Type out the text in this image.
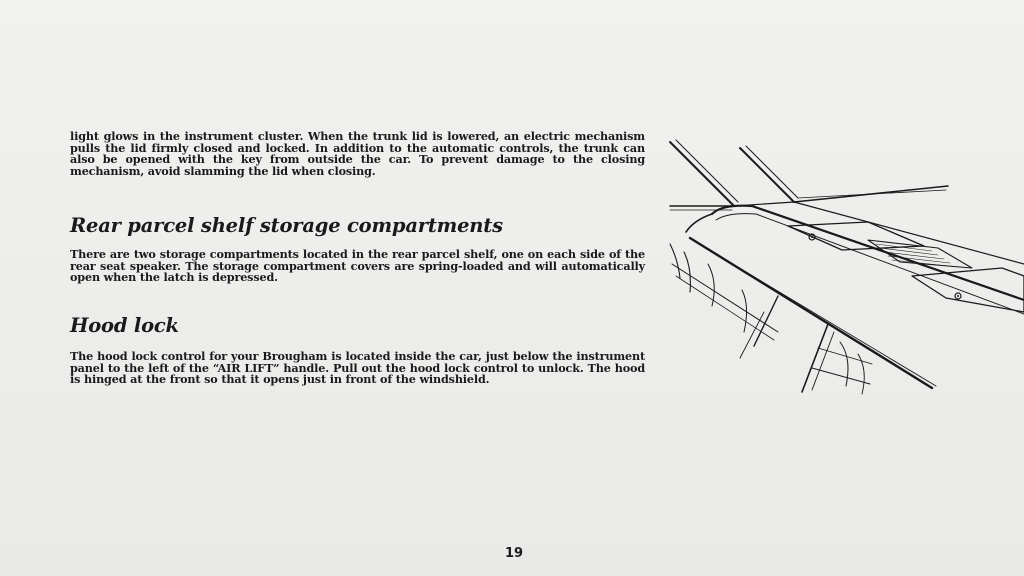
light glows in the instrument cluster. When the trunk lid is lowered, an electric mechanism pulls the lid firmly closed and locked. In addition to the automatic controls, the trunk can also be opened with the key from outside the car. To prevent damage to the closing mechanism, avoid slamming the lid when closing.

Rear parcel shelf storage compartments

There are two storage compartments located in the rear parcel shelf, one on each side of the rear seat speaker. The storage compartment covers are spring-loaded and will automatically open when the latch is depressed.

Hood lock

The hood lock control for your Brougham is located inside the car, just below the instrument panel to the left of the “AIR LIFT” handle. Pull out the hood lock control to unlock. The hood is hinged at the front so that it opens just in front of the windshield.

19
